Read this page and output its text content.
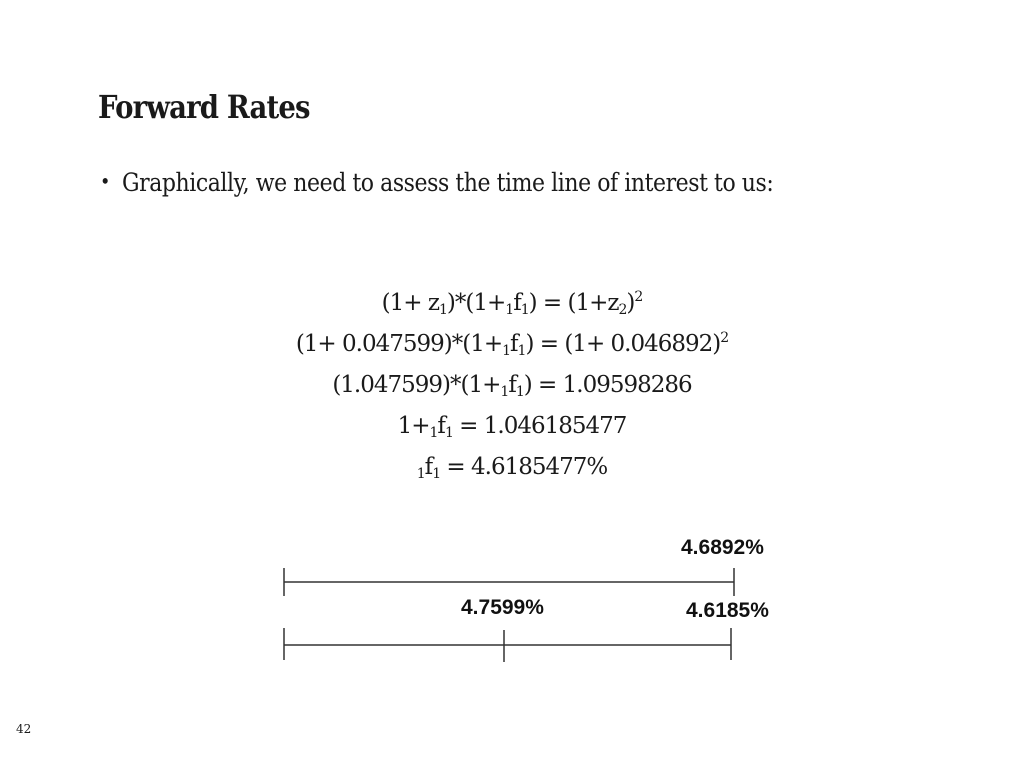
Forward Rates
• Graphically, we need to assess the time line of interest to us:
$(1+ z_1)*(1+_1f_1) = (1+z_2)^2$
$(1+ 0.047599)*(1+_1f_1) = (1+ 0.046892)^2$
$(1.047599)*(1+_1f_1) = 1.09598286$
$1+_1f_1 = 1.046185477$
$_1f_1 = 4.6185477\%$
4.6892%
4.7599%	4.6185%
42
